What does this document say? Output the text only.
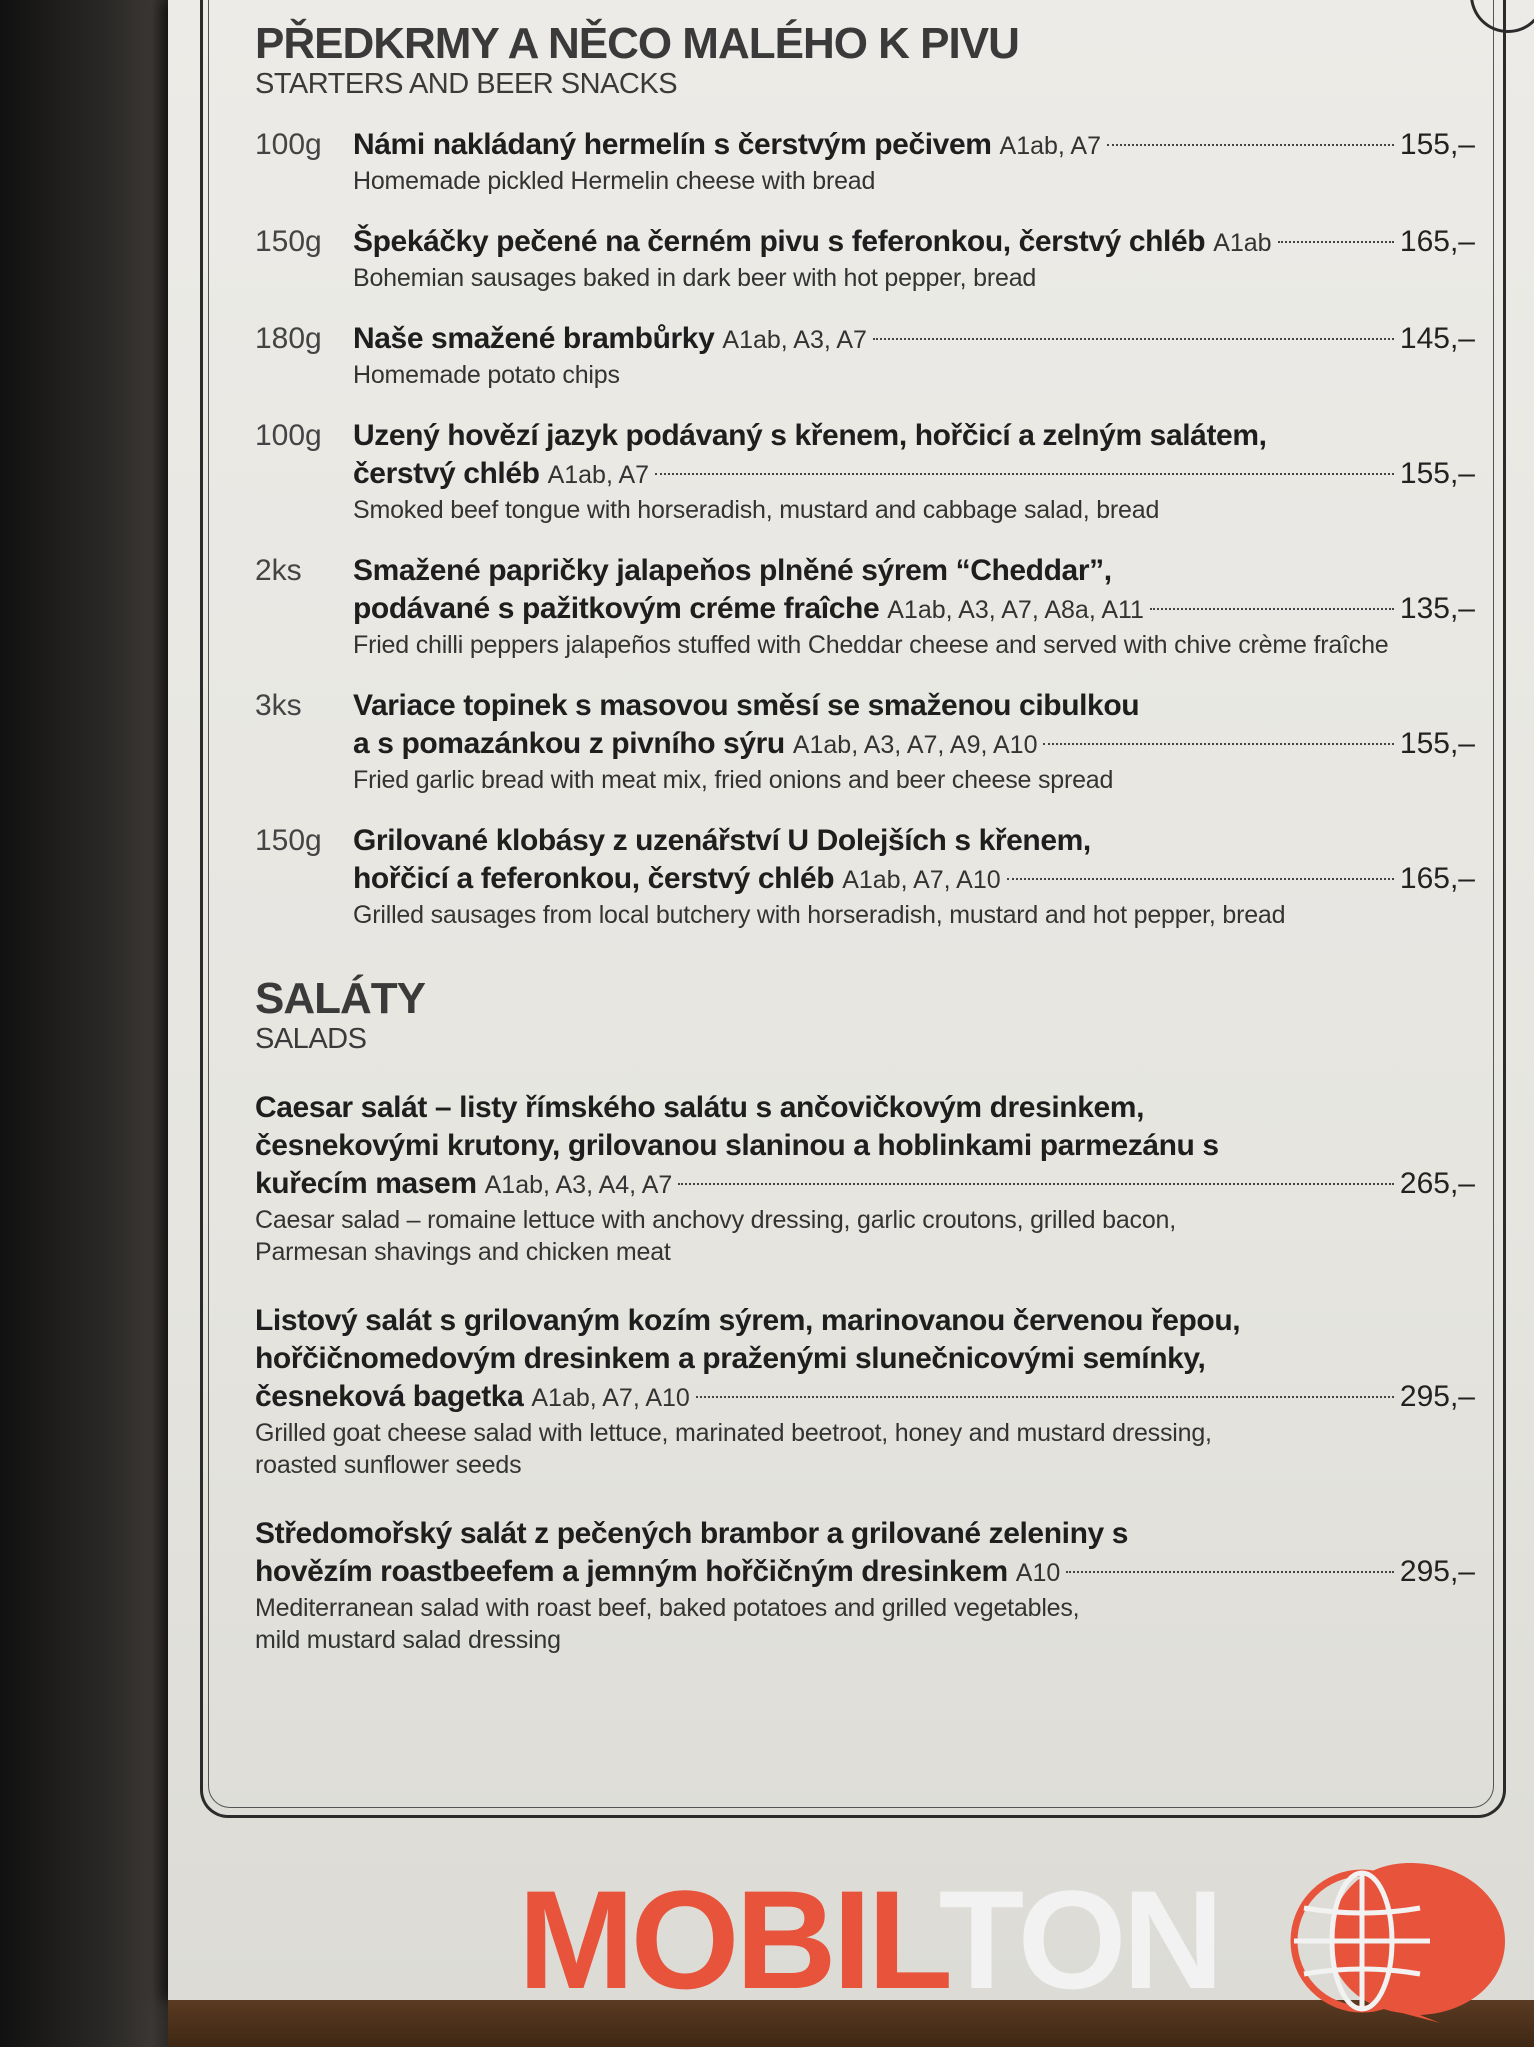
PŘEDKRMY A NĚCO MALÉHO K PIVU
STARTERS AND BEER SNACKS
100g	Námi nakládaný hermelín s čerstvým pečivem A1ab, A7	155,–
Homemade pickled Hermelin cheese with bread
150g	Špekáčky pečené na černém pivu s feferonkou, čerstvý chléb A1ab	165,–
Bohemian sausages baked in dark beer with hot pepper, bread
180g	Naše smažené brambůrky A1ab, A3, A7	145,–
Homemade potato chips
100g	Uzený hovězí jazyk podávaný s křenem, hořčicí a zelným salátem,
čerstvý chléb A1ab, A7	155,–
Smoked beef tongue with horseradish, mustard and cabbage salad, bread
2ks	Smažené papričky jalapeňos plněné sýrem “Cheddar”,
podávané s pažitkovým créme fraîche A1ab, A3, A7, A8a, A11	135,–
Fried chilli peppers jalapeños stuffed with Cheddar cheese and served with chive crème fraîche
3ks	Variace topinek s masovou směsí se smaženou cibulkou
a s pomazánkou z pivního sýru A1ab, A3, A7, A9, A10	155,–
Fried garlic bread with meat mix, fried onions and beer cheese spread
150g	Grilované klobásy z uzenářství U Dolejších s křenem,
hořčicí a feferonkou, čerstvý chléb A1ab, A7, A10	165,–
Grilled sausages from local butchery with horseradish, mustard and hot pepper, bread
SALÁTY
SALADS
Caesar salát – listy římského salátu s ančovičkovým dresinkem,
česnekovými krutony, grilovanou slaninou a hoblinkami parmezánu s
kuřecím masem A1ab, A3, A4, A7	265,–
Caesar salad – romaine lettuce with anchovy dressing, garlic croutons, grilled bacon,
Parmesan shavings and chicken meat
Listový salát s grilovaným kozím sýrem, marinovanou červenou řepou,
hořčičnomedovým dresinkem a praženými slunečnicovými semínky,
česneková bagetka A1ab, A7, A10	295,–
Grilled goat cheese salad with lettuce, marinated beetroot, honey and mustard dressing,
roasted sunflower seeds
Středomořský salát z pečených brambor a grilované zeleniny s
hovězím roastbeefem a jemným hořčičným dresinkem A10	295,–
Mediterranean salad with roast beef, baked potatoes and grilled vegetables,
mild mustard salad dressing
MOBILTON
